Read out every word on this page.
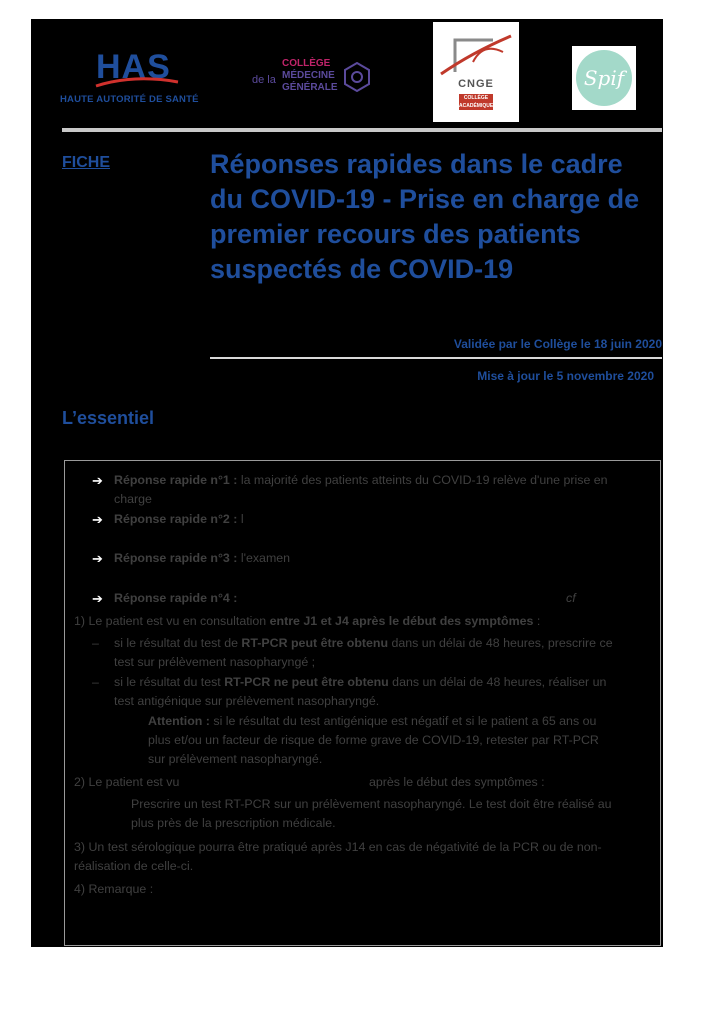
HAS
HAUTE AUTORITÉ DE SANTÉ
de la
COLLÈGE
MÉDECINE
GÉNÉRALE	CNGE
COLLÈGE
ACADÉMIQUE
Spif
FICHE	Réponses rapides dans le cadre du COVID-19 - Prise en charge de premier recours des patients suspectés de COVID-19
Validée par le Collège le 18 juin 2020
Mise à jour le 5 novembre 2020
L’essentiel
➔ Réponse rapide n°1 : la majorité des patients atteints du COVID-19 relève d'une prise en

charge

➔ Réponse rapide n°2 : l

➔ Réponse rapide n°3 : l'examen

➔ Réponse rapide n°4 :	cf

1) Le patient est vu en consultation entre J1 et J4 après le début des symptômes :

– si le résultat du test de RT-PCR peut être obtenu dans un délai de 48 heures, prescrire ce

test sur prélèvement nasopharyngé ;

– si le résultat du test RT-PCR ne peut être obtenu dans un délai de 48 heures, réaliser un

test antigénique sur prélèvement nasopharyngé.

Attention : si le résultat du test antigénique est négatif et si le patient a 65 ans ou

plus et/ou un facteur de risque de forme grave de COVID-19, retester par RT-PCR

sur prélèvement nasopharyngé.

2) Le patient est vu	après le début des symptômes :

Prescrire un test RT-PCR sur un prélèvement nasopharyngé. Le test doit être réalisé au

plus près de la prescription médicale.

3) Un test sérologique pourra être pratiqué après J14 en cas de négativité de la PCR ou de non-

réalisation de celle-ci.

4) Remarque :
